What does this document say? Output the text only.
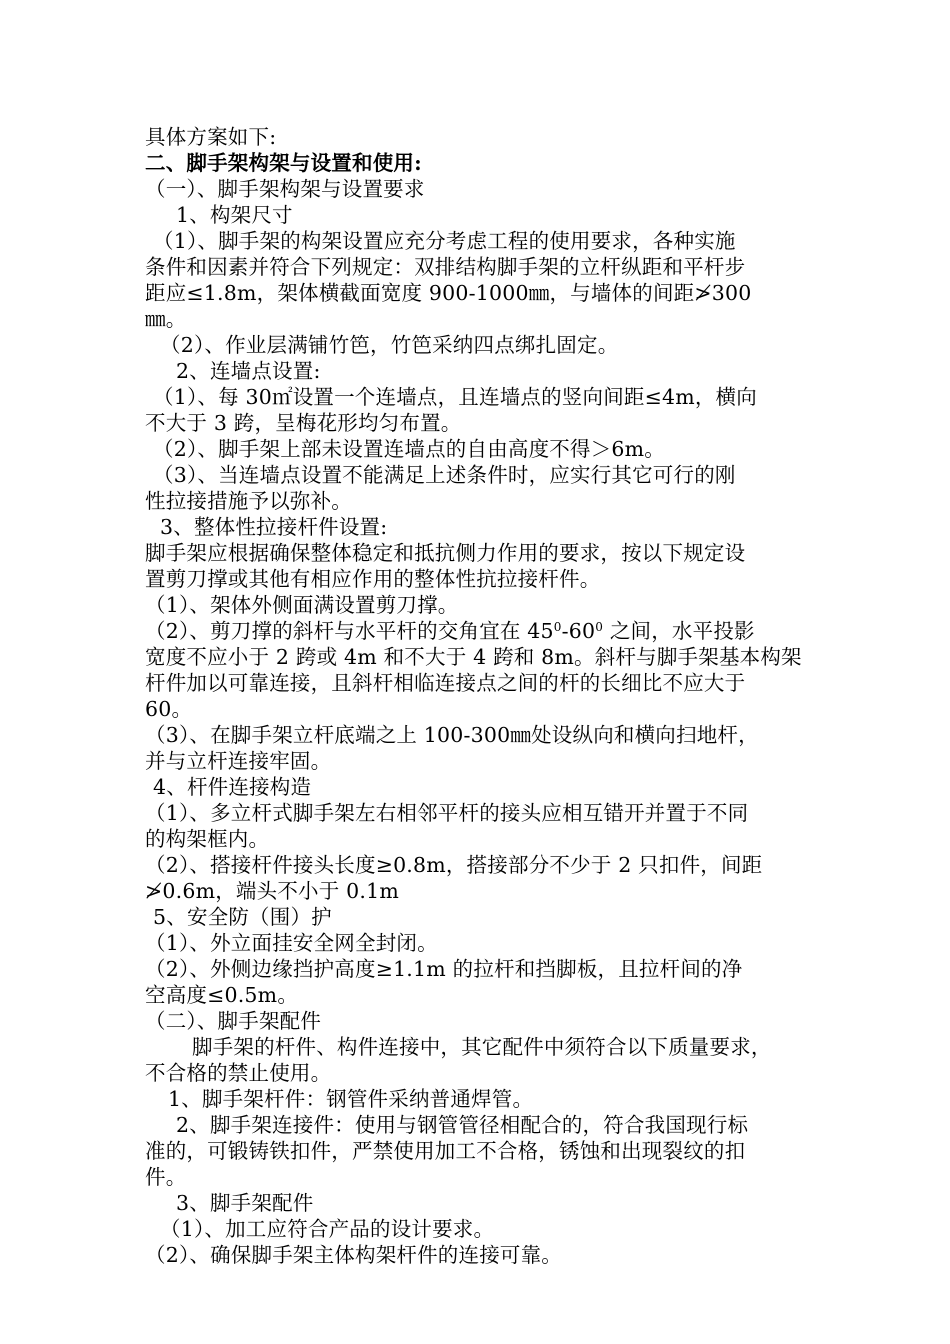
具体方案如下:
二、脚手架构架与设置和使用:
（一）、脚手架构架与设置要求
1、构架尺寸
（1）、脚手架的构架设置应充分考虑工程的使用要求，各种实施
条件和因素并符合下列规定：双排结构脚手架的立杆纵距和平杆步
距应≤1.8m，架体横截面宽度 900-1000㎜，与墙体的间距≯300
㎜。
（2）、作业层满铺竹笆，竹笆采纳四点绑扎固定。
2、连墙点设置:
（1）、每 30㎡设置一个连墙点，且连墙点的竖向间距≤4m，横向
不大于 3 跨，呈梅花形均匀布置。
（2）、脚手架上部未设置连墙点的自由高度不得＞6m。
（3）、当连墙点设置不能满足上述条件时，应实行其它可行的刚
性拉接措施予以弥补。
3、整体性拉接杆件设置:
脚手架应根据确保整体稳定和抵抗侧力作用的要求，按以下规定设
置剪刀撑或其他有相应作用的整体性抗拉接杆件。
（1）、架体外侧面满设置剪刀撑。
（2）、剪刀撑的斜杆与水平杆的交角宜在 $45^0-60^0$ 之间，水平投影
宽度不应小于 2 跨或 4m 和不大于 4 跨和 8m。斜杆与脚手架基本构架
杆件加以可靠连接，且斜杆相临连接点之间的杆的长细比不应大于
60。
（3）、在脚手架立杆底端之上 100-300㎜处设纵向和横向扫地杆，
并与立杆连接牢固。
4、杆件连接构造
（1）、多立杆式脚手架左右相邻平杆的接头应相互错开并置于不同
的构架框内。
（2）、搭接杆件接头长度≥0.8m，搭接部分不少于 2 只扣件，间距
≯0.6m，端头不小于 0.1m
5、安全防（围）护
（1）、外立面挂安全网全封闭。
（2）、外侧边缘挡护高度≥1.1m 的拉杆和挡脚板，且拉杆间的净
空高度≤0.5m。
（二）、脚手架配件
脚手架的杆件、构件连接中，其它配件中须符合以下质量要求，
不合格的禁止使用。
1、脚手架杆件：钢管件采纳普通焊管。
2、脚手架连接件：使用与钢管管径相配合的，符合我国现行标
准的，可锻铸铁扣件，严禁使用加工不合格，锈蚀和出现裂纹的扣
件。
3、脚手架配件
（1）、加工应符合产品的设计要求。
（2）、确保脚手架主体构架杆件的连接可靠。
